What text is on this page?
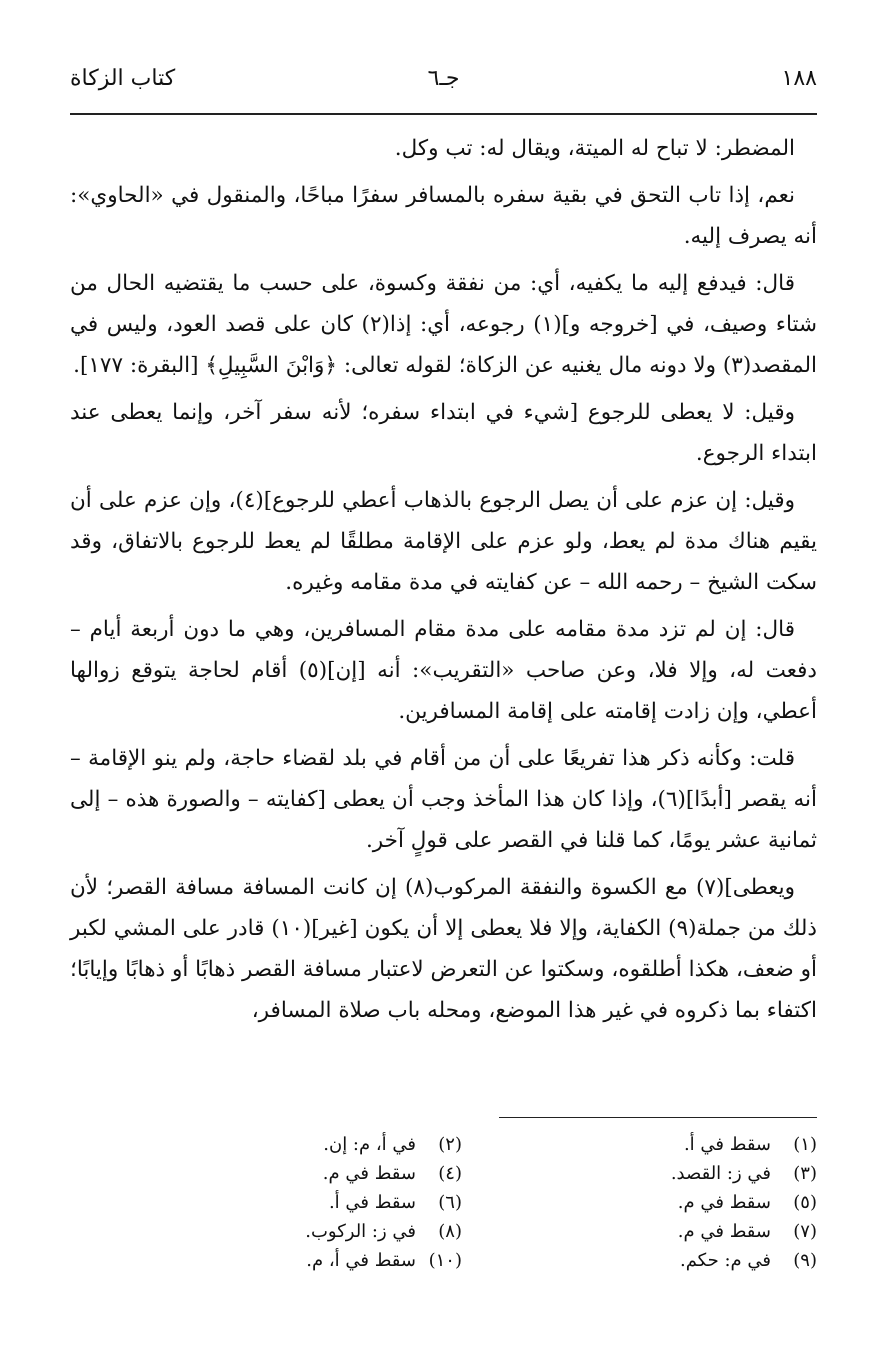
١٨٨
جـ٦
كتاب الزكاة

المضطر: لا تباح له الميتة، ويقال له: تب وكل.

نعم، إذا تاب التحق في بقية سفره بالمسافر سفرًا مباحًا، والمنقول في «الحاوي»: أنه يصرف إليه.

قال: فيدفع إليه ما يكفيه، أي: من نفقة وكسوة، على حسب ما يقتضيه الحال من شتاء وصيف، في [خروجه و](١) رجوعه، أي: إذا(٢) كان على قصد العود، وليس في المقصد(٣) ولا دونه مال يغنيه عن الزكاة؛ لقوله تعالى: ﴿وَابْنَ السَّبِيلِ﴾ [البقرة: ١٧٧].

وقيل: لا يعطى للرجوع [شيء في ابتداء سفره؛ لأنه سفر آخر، وإنما يعطى عند ابتداء الرجوع.

وقيل: إن عزم على أن يصل الرجوع بالذهاب أعطي للرجوع](٤)، وإن عزم على أن يقيم هناك مدة لم يعط، ولو عزم على الإقامة مطلقًا لم يعط للرجوع بالاتفاق، وقد سكت الشيخ – رحمه الله – عن كفايته في مدة مقامه وغيره.

قال: إن لم تزد مدة مقامه على مدة مقام المسافرين، وهي ما دون أربعة أيام – دفعت له، وإلا فلا، وعن صاحب «التقريب»: أنه [إن](٥) أقام لحاجة يتوقع زوالها أعطي، وإن زادت إقامته على إقامة المسافرين.

قلت: وكأنه ذكر هذا تفريعًا على أن من أقام في بلد لقضاء حاجة، ولم ينو الإقامة – أنه يقصر [أبدًا](٦)، وإذا كان هذا المأخذ وجب أن يعطى [كفايته – والصورة هذه – إلى ثمانية عشر يومًا، كما قلنا في القصر على قولٍ آخر.

ويعطى](٧) مع الكسوة والنفقة المركوب(٨) إن كانت المسافة مسافة القصر؛ لأن ذلك من جملة(٩) الكفاية، وإلا فلا يعطى إلا أن يكون [غير](١٠) قادر على المشي لكبر أو ضعف، هكذا أطلقوه، وسكتوا عن التعرض لاعتبار مسافة القصر ذهابًا أو ذهابًا وإيابًا؛ اكتفاء بما ذكروه في غير هذا الموضع، ومحله باب صلاة المسافر،

(١)سقط في أ.
(٣)في ز: القصد.
(٥)سقط في م.
(٧)سقط في م.
(٩)في م: حكم.
(٢)في أ، م: إن.
(٤)سقط في م.
(٦)سقط في أ.
(٨)في ز: الركوب.
(١٠)سقط في أ، م.
